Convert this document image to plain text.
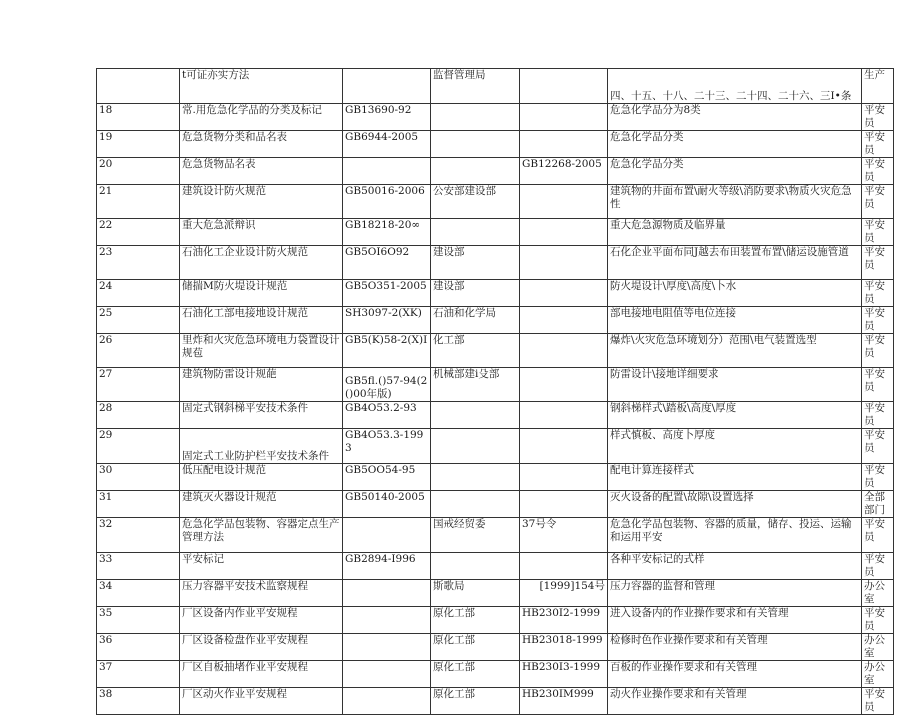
	t可证亦实方法		监督管理局		四、十五、十八、二十三、二十四、二十六、三I•条	生产
18	常.用危急化学品的分类及标记	GB13690-92			危急化学品分为8类	平安员
19	危急货物分类和品名表	GB6944-2005			危急化学品分类	平安员
20	危急货物品名表			GB12268-2005	危急化学品分类	平安员
21	建筑设计防火规范	GB50016-2006	公安部建设部		建筑物的井面布置\耐火等级\消防要求\物质火灾危急性	平安员
22	重大危急派辩识	GB18218-20∞			重大危急源物质及临界量	平安员
23	石油化工企业设计防火规范	GB5OI6O92	建设部		石化企业平面布同J越去布田装置布置\储运设施管道	平安员
24	储揣M防火堤设计规范	GB5O351-2005	建设部		防火堤设计\厚度\高度\卜水	平安员
25	石油化工部电接地设计规范	SH3097-2(XK)	石油和化学局		部电接地电阻值等电位连接	平安员
26	里炸和火灾危急环境电力袋置设计规苞	GB5(K)58-2(X)I	化工部		爆炸\火灾危急环境划分）范围\电气装置选型	平安员
27	建筑物防雷设计规葩	GB5fl.()57-94(2()00年版)	机械部建i殳部		防雷设计\接地详细要求	平安员
28	固定式钢斜梯平安技术条件	GB4O53.2-93			钢斜梯样式\踏板\高度\厚度	平安员
29	固定式工业防护栏平安技术条件	GB4O53.3-1993			样式慎板、高度卜厚度	平安员
30	低压配电设计规范	GB5OO54-95			配电计算连接样式	平安员
31	建筑灭火器设计规范	GB50140-2005			灭火设备的配置\故隙\设置选择	全部部门
32	危急化学品包装物、容器定点生产管理方法		国戒经贸委	37号令	危急化学品包装物、容器的质量，储存、投运、运输和运用平安	平安员
33	平安标记	GB2894-I996			各种平安标记的式样	平安员
34	压力容器平安技术监察规程		斯歌局	[1999]154号	压力容器的监督和管理	办公室
35	厂区设备内作业平安规程		原化工部	HB230I2-1999	进入设备内的作业操作要求和有关管理	平安员
36	厂区设备检盘作业平安规程		原化工部	HB23018-1999	检修时色作业操作要求和有关管理	办公室
37	厂区自板抽堵作业平安规程		原化工部	HB230I3-1999	百板的作业操作要求和有关管理	办公室
38	厂区动火作业平安规程		原化工部	HB230IM999	动火作业操作要求和有关管理	平安员
